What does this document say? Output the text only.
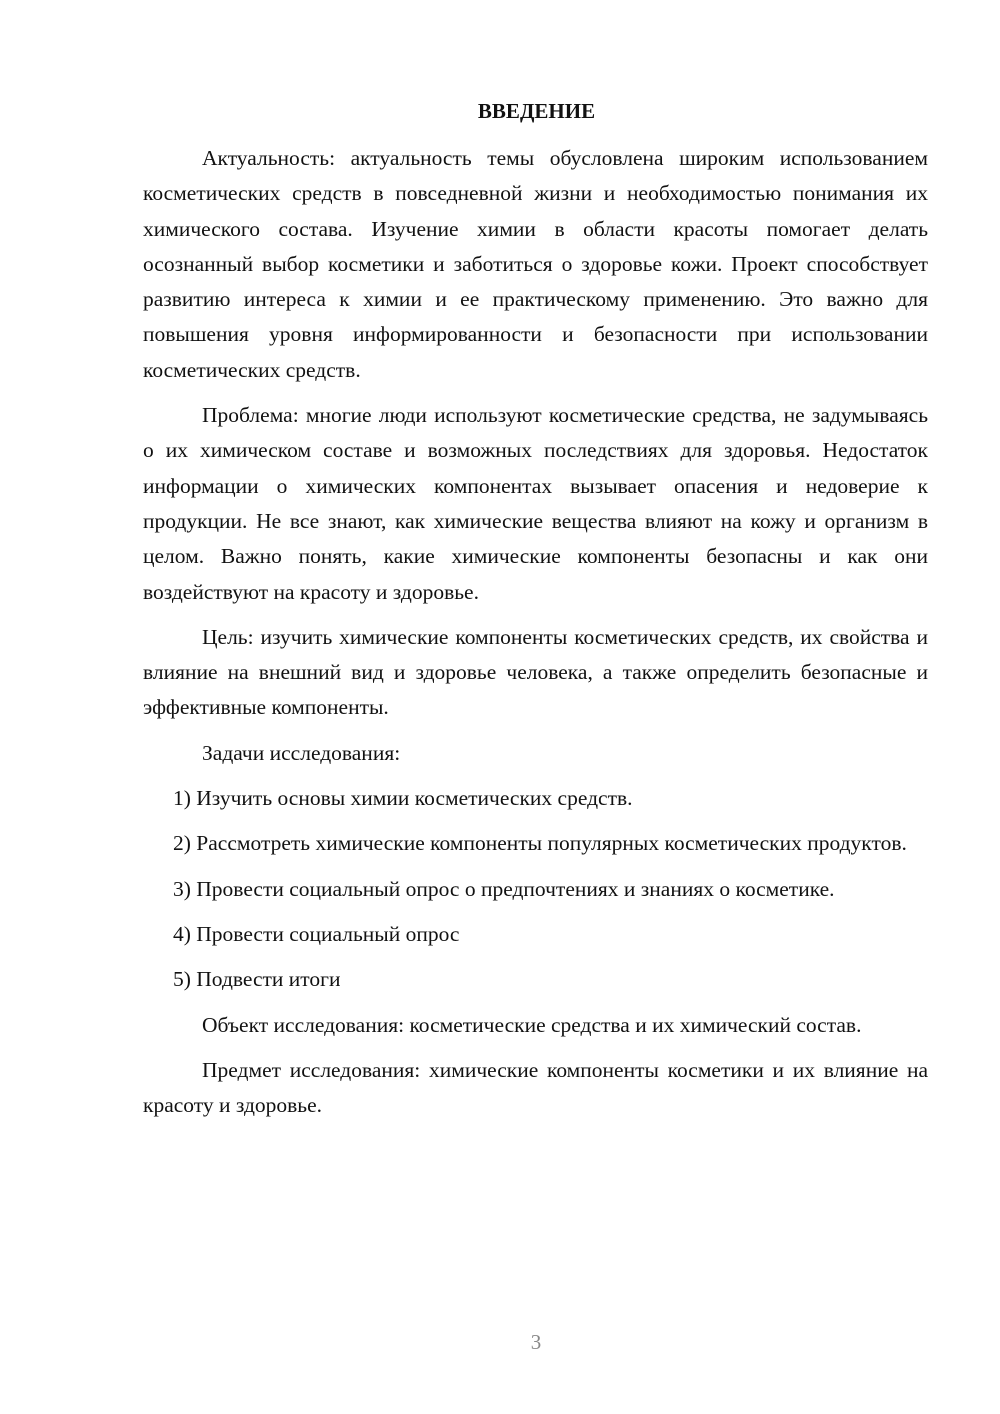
ВВЕДЕНИЕ

Актуальность: актуальность темы обусловлена широким использованием косметических средств в повседневной жизни и необходимостью понимания их химического состава. Изучение химии в области красоты помогает делать осознанный выбор косметики и заботиться о здоровье кожи. Проект способствует развитию интереса к химии и ее практическому применению. Это важно для повышения уровня информированности и безопасности при использовании косметических средств.

Проблема: многие люди используют косметические средства, не задумываясь о их химическом составе и возможных последствиях для здоровья. Недостаток информации о химических компонентах вызывает опасения и недоверие к продукции. Не все знают, как химические вещества влияют на кожу и организм в целом. Важно понять, какие химические компоненты безопасны и как они воздействуют на красоту и здоровье.

Цель: изучить химические компоненты косметических средств, их свойства и влияние на внешний вид и здоровье человека, а также определить безопасные и эффективные компоненты.

Задачи исследования:

1) Изучить основы химии косметических средств.

2) Рассмотреть химические компоненты популярных косметических продуктов.

3) Провести социальный опрос о предпочтениях и знаниях о косметике.

4) Провести социальный опрос

5) Подвести итоги

Объект исследования: косметические средства и их химический состав.

Предмет исследования: химические компоненты косметики и их влияние на красоту и здоровье.

3
